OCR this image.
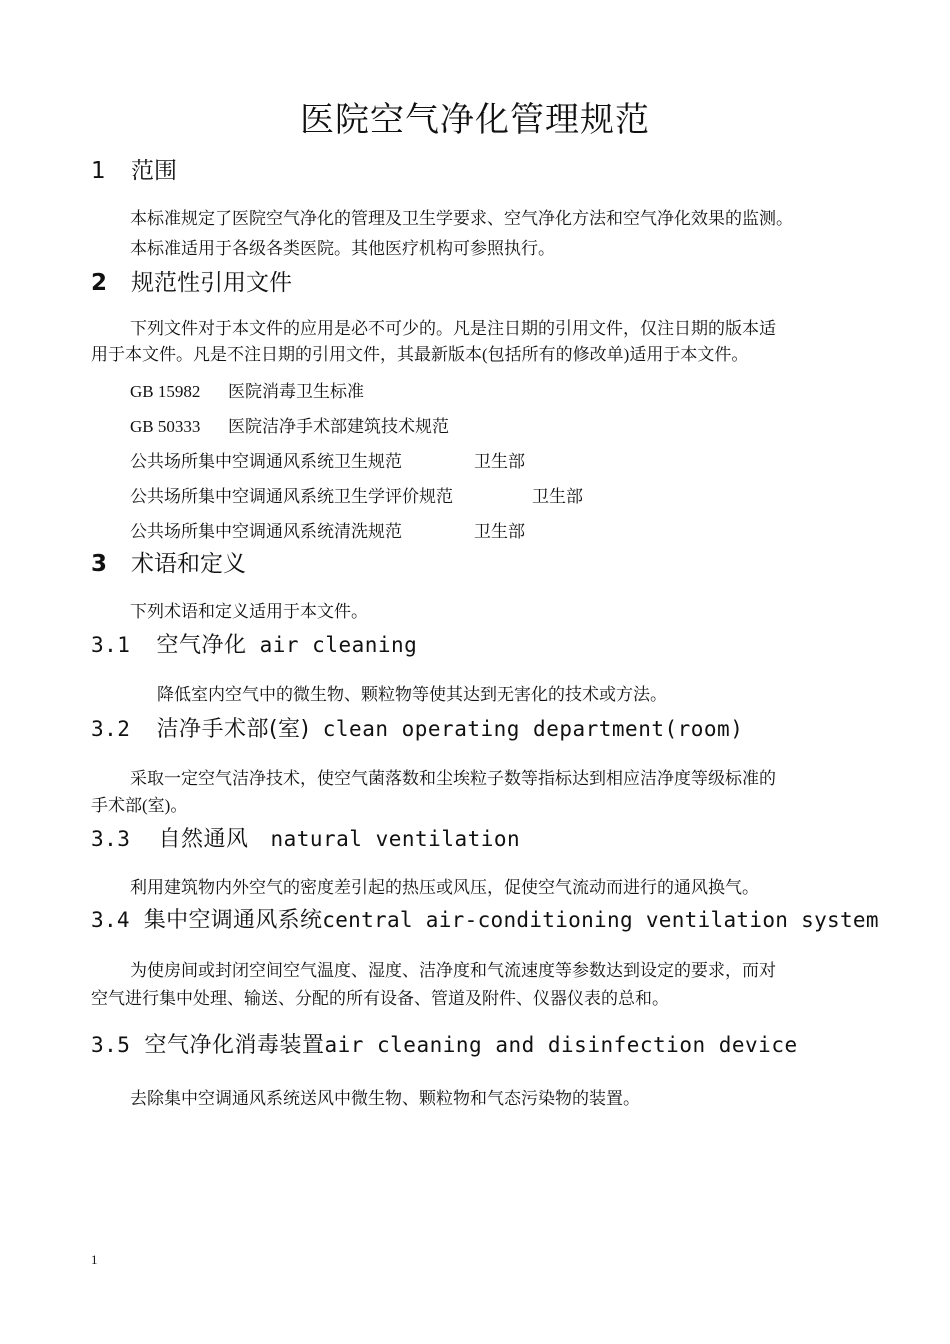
医院空气净化管理规范
1 范围
本标准规定了医院空气净化的管理及卫生学要求、空气净化方法和空气净化效果的监测。
本标准适用于各级各类医院。其他医疗机构可参照执行。
2 规范性引用文件
下列文件对于本文件的应用是必不可少的。凡是注日期的引用文件，仅注日期的版本适
用于本文件。凡是不注日期的引用文件，其最新版本(包括所有的修改单)适用于本文件。
GB 15982 医院消毒卫生标准
GB 50333 医院洁净手术部建筑技术规范
公共场所集中空调通风系统卫生规范	卫生部
公共场所集中空调通风系统卫生学评价规范	卫生部
公共场所集中空调通风系统清洗规范	卫生部
3 术语和定义
下列术语和定义适用于本文件。
3.1 空气净化 air cleaning
降低室内空气中的微生物、颗粒物等使其达到无害化的技术或方法。
3.2 洁净手术部(室) clean operating department(room)
采取一定空气洁净技术，使空气菌落数和尘埃粒子数等指标达到相应洁净度等级标准的
手术部(室)。
3.3 自然通风 natural ventilation
利用建筑物内外空气的密度差引起的热压或风压，促使空气流动而进行的通风换气。
3.4 集中空调通风系统central air-conditioning ventilation system
为使房间或封闭空间空气温度、湿度、洁净度和气流速度等参数达到设定的要求，而对
空气进行集中处理、输送、分配的所有设备、管道及附件、仪器仪表的总和。
3.5 空气净化消毒装置air cleaning and disinfection device
去除集中空调通风系统送风中微生物、颗粒物和气态污染物的装置。
1
